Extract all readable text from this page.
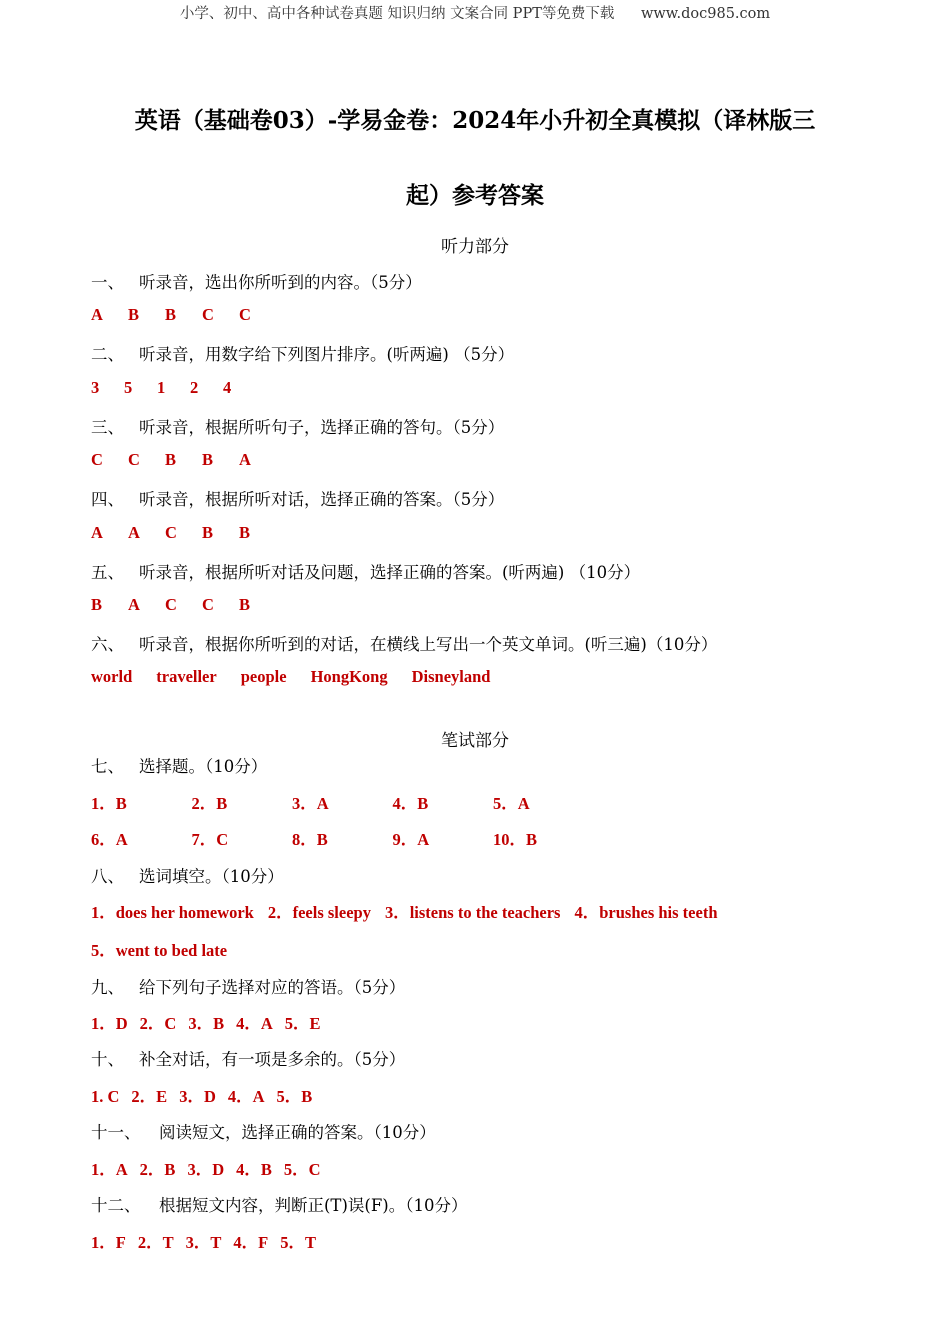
小学、初中、高中各种试卷真题 知识归纳 文案合同 PPT等免费下载 www.doc985.com
英语（基础卷03）-学易金卷：2024年小升初全真模拟（译林版三
起）参考答案
听力部分
一、 听录音，选出你所听到的内容。（5分）
A B B C C
二、 听录音，用数字给下列图片排序。(听两遍) （5分）
3 5 1 2 4
三、 听录音，根据所听句子，选择正确的答句。（5分）
C C B B A
四、 听录音，根据所听对话，选择正确的答案。（5分）
A A C B B
五、 听录音，根据所听对话及问题，选择正确的答案。(听两遍) （10分）
B A C C B
六、 听录音，根据你所听到的对话，在横线上写出一个英文单词。(听三遍)（10分）
world traveller people HongKong Disneyland
笔试部分
七、 选择题。（10分）
1．B	2．B	3．A	4．B	5．A
6．A	7．C	8．B	9．A	10．B
八、 选词填空。（10分）
1．does her homework 2．feels sleepy 3．listens to the teachers 4．brushes his teeth
5．went to bed late
九、 给下列句子选择对应的答语。（5分）
1．D 2．C 3．B 4．A 5．E
十、 补全对话，有一项是多余的。（5分）
1. C 2．E 3．D 4．A 5．B
十一、 阅读短文，选择正确的答案。（10分）
1．A 2．B 3．D 4．B 5．C
十二、 根据短文内容，判断正(T)误(F)。（10分）
1．F 2．T 3．T 4．F 5．T
